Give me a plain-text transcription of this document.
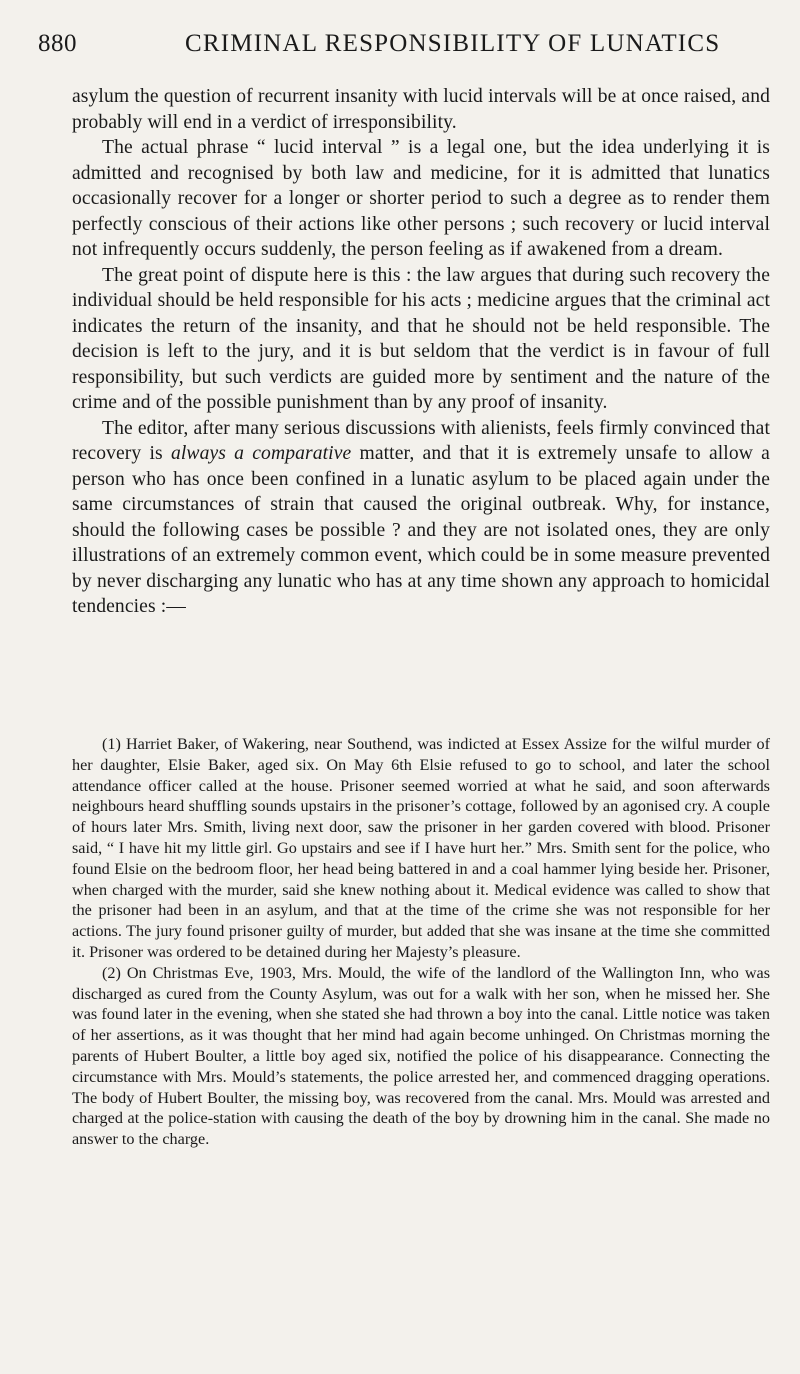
880	CRIMINAL RESPONSIBILITY OF LUNATICS

asylum the question of recurrent insanity with lucid intervals will be at once raised, and probably will end in a verdict of irresponsibility.

The actual phrase “ lucid interval ” is a legal one, but the idea underlying it is admitted and recognised by both law and medicine, for it is admitted that lunatics occasionally recover for a longer or shorter period to such a degree as to render them perfectly conscious of their actions like other persons ; such recovery or lucid interval not infrequently occurs suddenly, the person feeling as if awakened from a dream.

The great point of dispute here is this : the law argues that during such recovery the individual should be held responsible for his acts ; medicine argues that the criminal act indicates the return of the insanity, and that he should not be held responsible. The decision is left to the jury, and it is but seldom that the verdict is in favour of full responsibility, but such verdicts are guided more by sentiment and the nature of the crime and of the possible punishment than by any proof of insanity.

The editor, after many serious discussions with alienists, feels firmly convinced that recovery is always a comparative matter, and that it is extremely unsafe to allow a person who has once been confined in a lunatic asylum to be placed again under the same circumstances of strain that caused the original outbreak. Why, for instance, should the following cases be possible ? and they are not isolated ones, they are only illustrations of an extremely common event, which could be in some measure prevented by never discharging any lunatic who has at any time shown any approach to homicidal tendencies :—

(1) Harriet Baker, of Wakering, near Southend, was indicted at Essex Assize for the wilful murder of her daughter, Elsie Baker, aged six. On May 6th Elsie refused to go to school, and later the school attendance officer called at the house. Prisoner seemed worried at what he said, and soon afterwards neighbours heard shuffling sounds upstairs in the prisoner’s cottage, followed by an agonised cry. A couple of hours later Mrs. Smith, living next door, saw the prisoner in her garden covered with blood. Prisoner said, “ I have hit my little girl. Go upstairs and see if I have hurt her.” Mrs. Smith sent for the police, who found Elsie on the bedroom floor, her head being battered in and a coal hammer lying beside her. Prisoner, when charged with the murder, said she knew nothing about it. Medical evidence was called to show that the prisoner had been in an asylum, and that at the time of the crime she was not responsible for her actions. The jury found prisoner guilty of murder, but added that she was insane at the time she committed it. Prisoner was ordered to be detained during her Majesty’s pleasure.

(2) On Christmas Eve, 1903, Mrs. Mould, the wife of the landlord of the Wallington Inn, who was discharged as cured from the County Asylum, was out for a walk with her son, when he missed her. She was found later in the evening, when she stated she had thrown a boy into the canal. Little notice was taken of her assertions, as it was thought that her mind had again become unhinged. On Christmas morning the parents of Hubert Boulter, a little boy aged six, notified the police of his disappearance. Connecting the circumstance with Mrs. Mould’s statements, the police arrested her, and commenced dragging operations. The body of Hubert Boulter, the missing boy, was recovered from the canal. Mrs. Mould was arrested and charged at the police-station with causing the death of the boy by drowning him in the canal. She made no answer to the charge.
